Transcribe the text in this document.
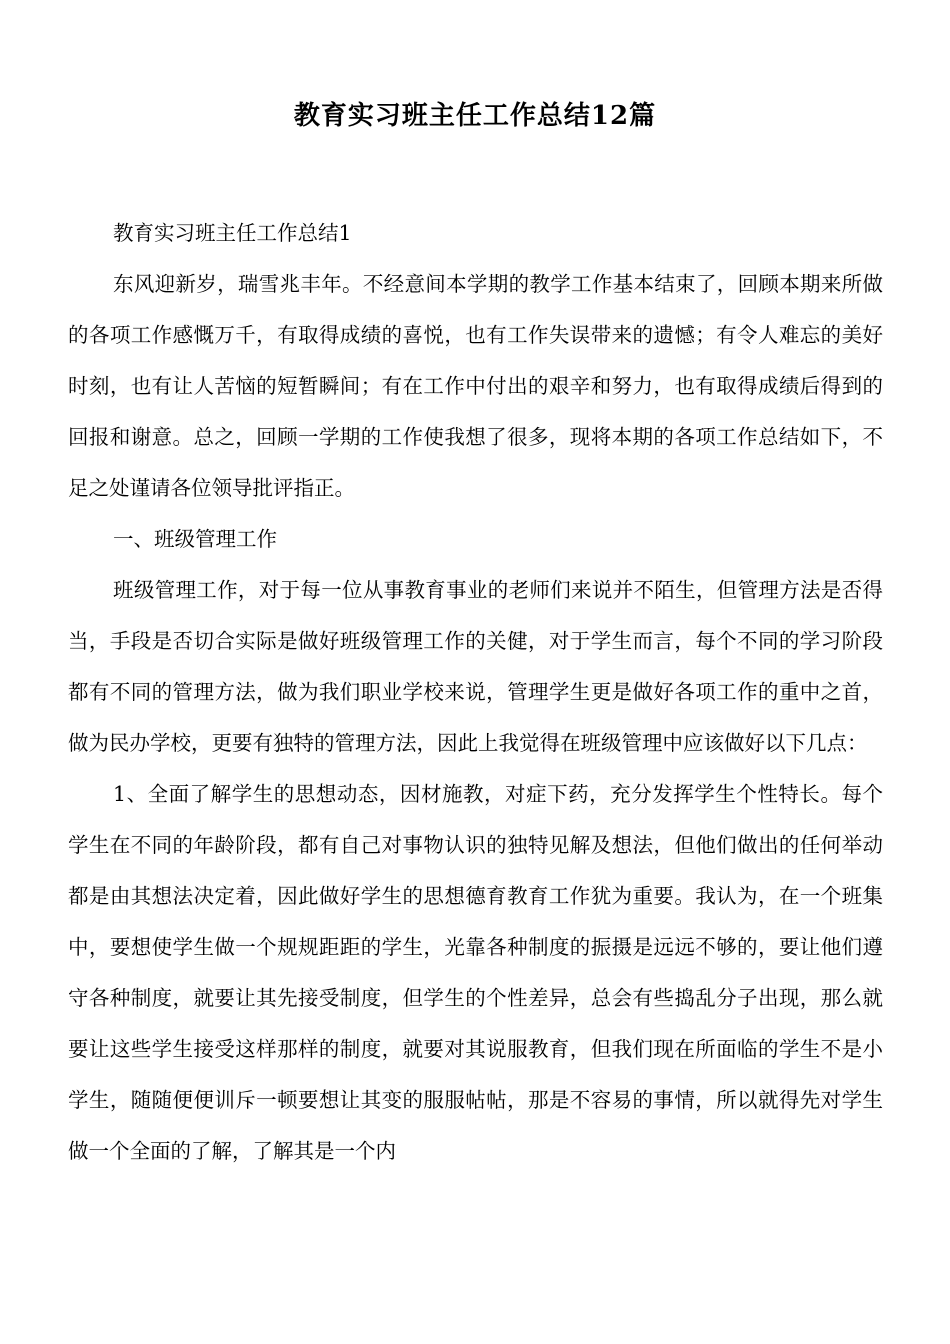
教育实习班主任工作总结12篇

教育实习班主任工作总结1

东风迎新岁，瑞雪兆丰年。不经意间本学期的教学工作基本结束了，回顾本期来所做的各项工作感慨万千，有取得成绩的喜悦，也有工作失误带来的遗憾；有令人难忘的美好时刻，也有让人苦恼的短暂瞬间；有在工作中付出的艰辛和努力，也有取得成绩后得到的回报和谢意。总之，回顾一学期的工作使我想了很多，现将本期的各项工作总结如下，不足之处谨请各位领导批评指正。

一、班级管理工作

班级管理工作，对于每一位从事教育事业的老师们来说并不陌生，但管理方法是否得当，手段是否切合实际是做好班级管理工作的关健，对于学生而言，每个不同的学习阶段都有不同的管理方法，做为我们职业学校来说，管理学生更是做好各项工作的重中之首，做为民办学校，更要有独特的管理方法，因此上我觉得在班级管理中应该做好以下几点：

1、全面了解学生的思想动态，因材施教，对症下药，充分发挥学生个性特长。每个学生在不同的年龄阶段，都有自己对事物认识的独特见解及想法，但他们做出的任何举动都是由其想法决定着，因此做好学生的思想德育教育工作犹为重要。我认为，在一个班集中，要想使学生做一个规规距距的学生，光靠各种制度的振摄是远远不够的，要让他们遵守各种制度，就要让其先接受制度，但学生的个性差异，总会有些捣乱分子出现，那么就要让这些学生接受这样那样的制度，就要对其说服教育，但我们现在所面临的学生不是小学生，随随便便训斥一顿要想让其变的服服帖帖，那是不容易的事情，所以就得先对学生做一个全面的了解，了解其是一个内
